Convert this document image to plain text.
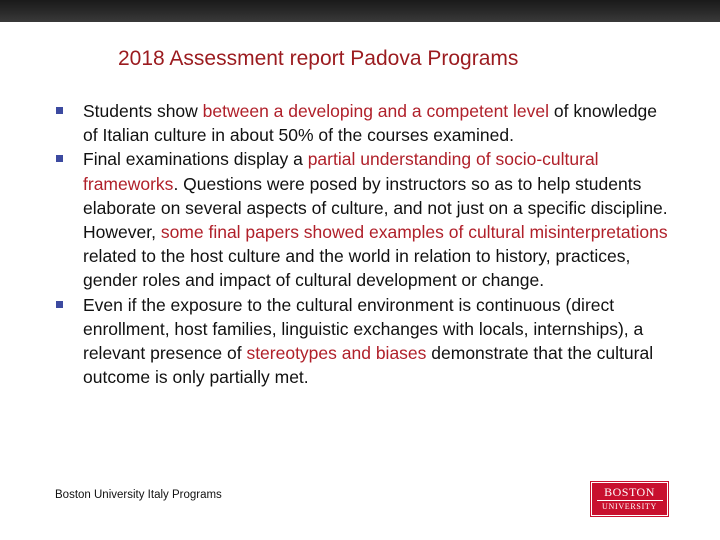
2018 Assessment report Padova Programs
Students show between a developing and a competent level of knowledge of Italian culture in about 50% of the courses examined.
Final examinations display a partial understanding of socio-cultural frameworks. Questions were posed by instructors so as to help students elaborate on several aspects of culture, and not just on a specific discipline. However, some final papers showed examples of cultural misinterpretations related to the host culture and the world in relation to history, practices, gender roles and impact of cultural development or change.
Even if the exposure to the cultural environment is continuous (direct enrollment, host families, linguistic exchanges with locals, internships), a relevant presence of stereotypes and biases demonstrate that the cultural outcome is only partially met.
Boston University Italy Programs	BOSTON
UNIVERSITY
